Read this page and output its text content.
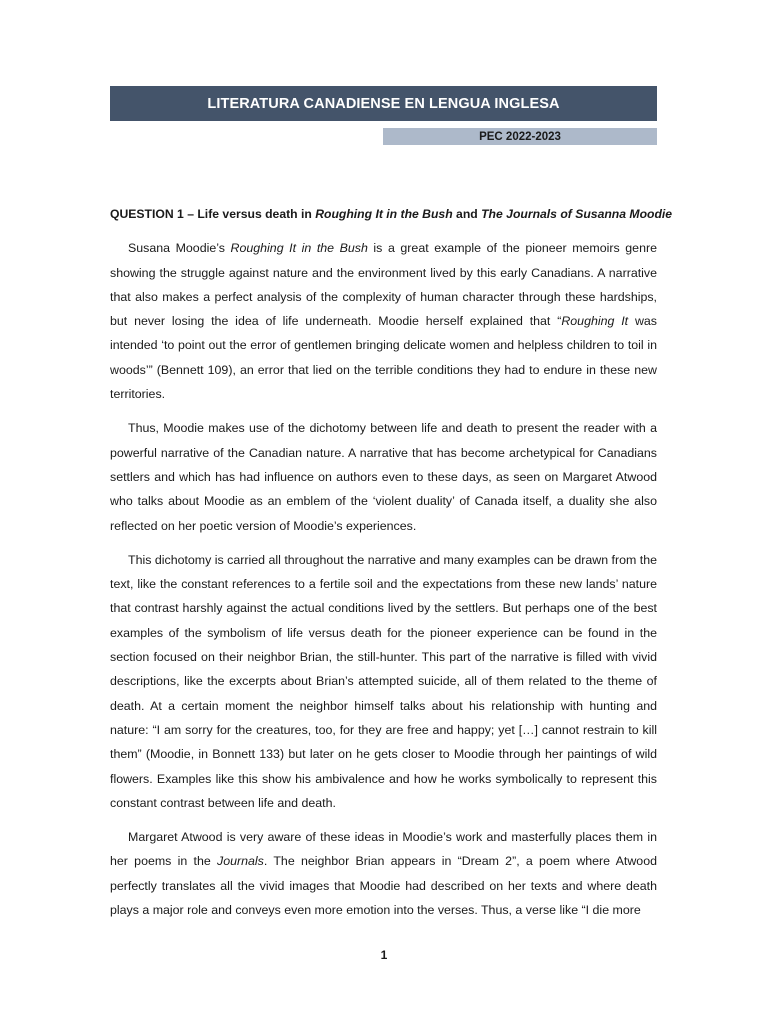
LITERATURA CANADIENSE EN LENGUA INGLESA
PEC 2022-2023

QUESTION 1 – Life versus death in Roughing It in the Bush and The Journals of Susanna Moodie

Susana Moodie’s Roughing It in the Bush is a great example of the pioneer memoirs genre showing the struggle against nature and the environment lived by this early Canadians. A narrative that also makes a perfect analysis of the complexity of human character through these hardships, but never losing the idea of life underneath. Moodie herself explained that “Roughing It was intended ‘to point out the error of gentlemen bringing delicate women and helpless children to toil in woods’” (Bennett 109), an error that lied on the terrible conditions they had to endure in these new territories.

Thus, Moodie makes use of the dichotomy between life and death to present the reader with a powerful narrative of the Canadian nature. A narrative that has become archetypical for Canadians settlers and which has had influence on authors even to these days, as seen on Margaret Atwood who talks about Moodie as an emblem of the ‘violent duality’ of Canada itself, a duality she also reflected on her poetic version of Moodie’s experiences.

This dichotomy is carried all throughout the narrative and many examples can be drawn from the text, like the constant references to a fertile soil and the expectations from these new lands’ nature that contrast harshly against the actual conditions lived by the settlers. But perhaps one of the best examples of the symbolism of life versus death for the pioneer experience can be found in the section focused on their neighbor Brian, the still-hunter. This part of the narrative is filled with vivid descriptions, like the excerpts about Brian’s attempted suicide, all of them related to the theme of death. At a certain moment the neighbor himself talks about his relationship with hunting and nature: “I am sorry for the creatures, too, for they are free and happy; yet […] cannot restrain to kill them” (Moodie, in Bonnett 133) but later on he gets closer to Moodie through her paintings of wild flowers. Examples like this show his ambivalence and how he works symbolically to represent this constant contrast between life and death.

Margaret Atwood is very aware of these ideas in Moodie’s work and masterfully places them in her poems in the Journals. The neighbor Brian appears in “Dream 2”, a poem where Atwood perfectly translates all the vivid images that Moodie had described on her texts and where death plays a major role and conveys even more emotion into the verses. Thus, a verse like “I die more

1
